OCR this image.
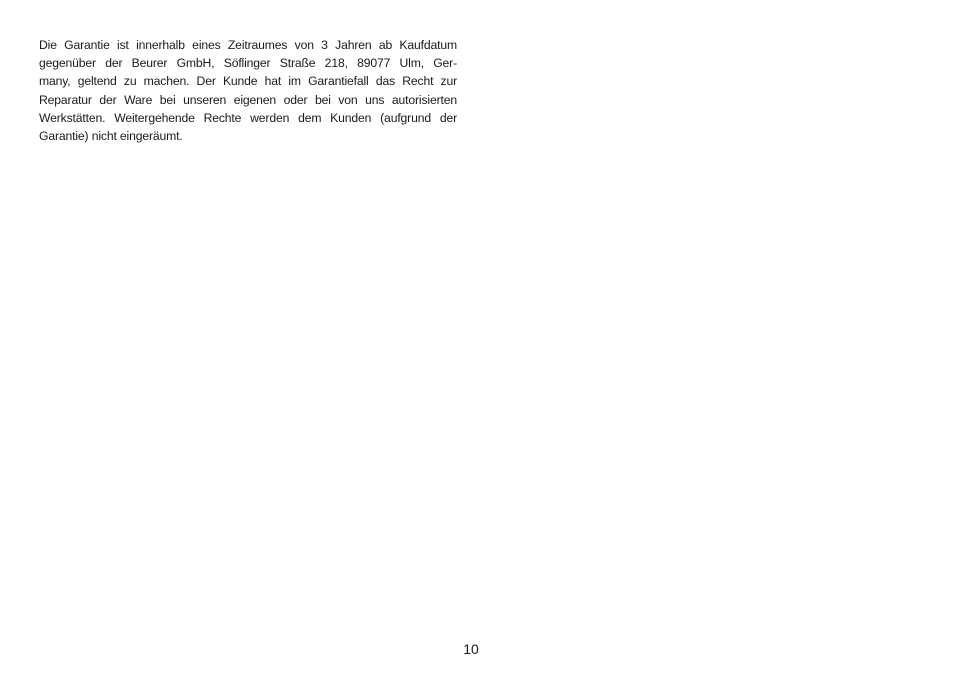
Die Garantie ist innerhalb eines Zeitraumes von 3 Jahren ab Kaufdatum
gegenüber der Beurer GmbH, Söflinger Straße 218, 89077 Ulm, Ger-
many, geltend zu machen. Der Kunde hat im Garantiefall das Recht zur
Reparatur der Ware bei unseren eigenen oder bei von uns autorisierten
Werkstätten. Weitergehende Rechte werden dem Kunden (aufgrund der
Garantie) nicht eingeräumt.
10
